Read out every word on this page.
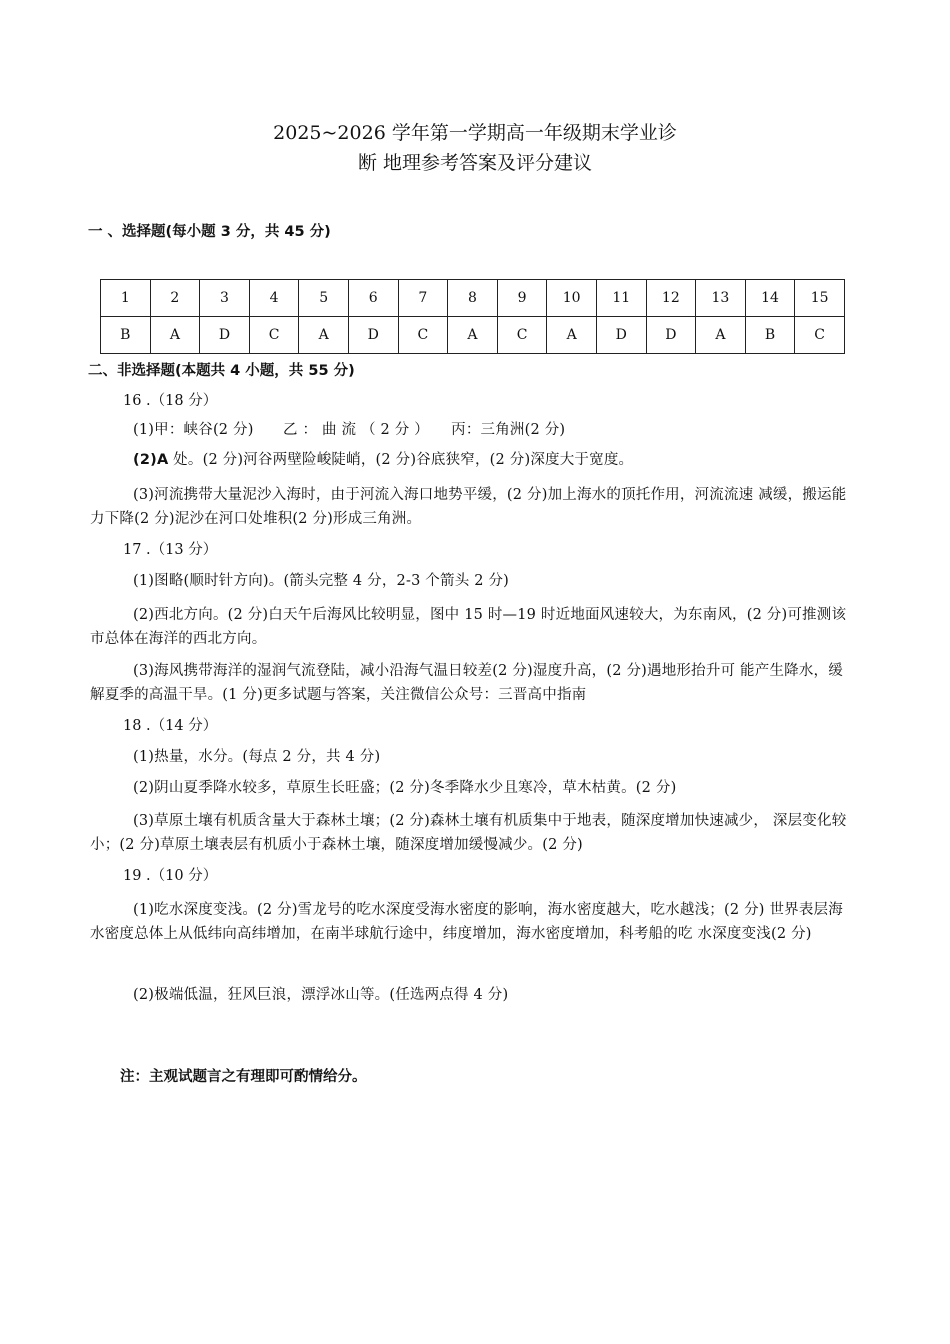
2025~2026 学年第一学期高一年级期末学业诊
断 地理参考答案及评分建议
一 、选择题(每小题 3 分，共 45 分)
1	2	3	4	5	6	7	8	9	10	11	12	13	14	15
B	A	D	C	A	D	C	A	C	A	D	D	A	B	C
二、非选择题(本题共 4 小题，共 55 分)
16 .（18 分）
(1)甲：峡谷(2 分)　　乙 ： 曲 流 （ 2 分 ）　　丙：三角洲(2 分)
(2)A 处。(2 分)河谷两壁险峻陡峭，(2 分)谷底狭窄，(2 分)深度大于宽度。
(3)河流携带大量泥沙入海时，由于河流入海口地势平缓，(2 分)加上海水的顶托作用，河流流速 减缓，搬运能力下降(2 分)泥沙在河口处堆积(2 分)形成三角洲。
17 .（13 分）
(1)图略(顺时针方向)。(箭头完整 4 分，2-3 个箭头 2 分)
(2)西北方向。(2 分)白天午后海风比较明显，图中 15 时—19 时近地面风速较大，为东南风，(2 分)可推测该市总体在海洋的西北方向。
(3)海风携带海洋的湿润气流登陆，减小沿海气温日较差(2 分)湿度升高，(2 分)遇地形抬升可 能产生降水，缓解夏季的高温干旱。(1 分)更多试题与答案，关注微信公众号：三晋高中指南
18 .（14 分）
(1)热量，水分。(每点 2 分，共 4 分)
(2)阴山夏季降水较多，草原生长旺盛；(2 分)冬季降水少且寒冷，草木枯黄。(2 分)
(3)草原土壤有机质含量大于森林土壤；(2 分)森林土壤有机质集中于地表，随深度增加快速减少， 深层变化较小；(2 分)草原土壤表层有机质小于森林土壤，随深度增加缓慢减少。(2 分)
19 .（10 分）
(1)吃水深度变浅。(2 分)雪龙号的吃水深度受海水密度的影响，海水密度越大，吃水越浅；(2 分) 世界表层海水密度总体上从低纬向高纬增加，在南半球航行途中，纬度增加，海水密度增加，科考船的吃 水深度变浅(2 分)
(2)极端低温，狂风巨浪，漂浮冰山等。(任选两点得 4 分)
注：主观试题言之有理即可酌情给分。
